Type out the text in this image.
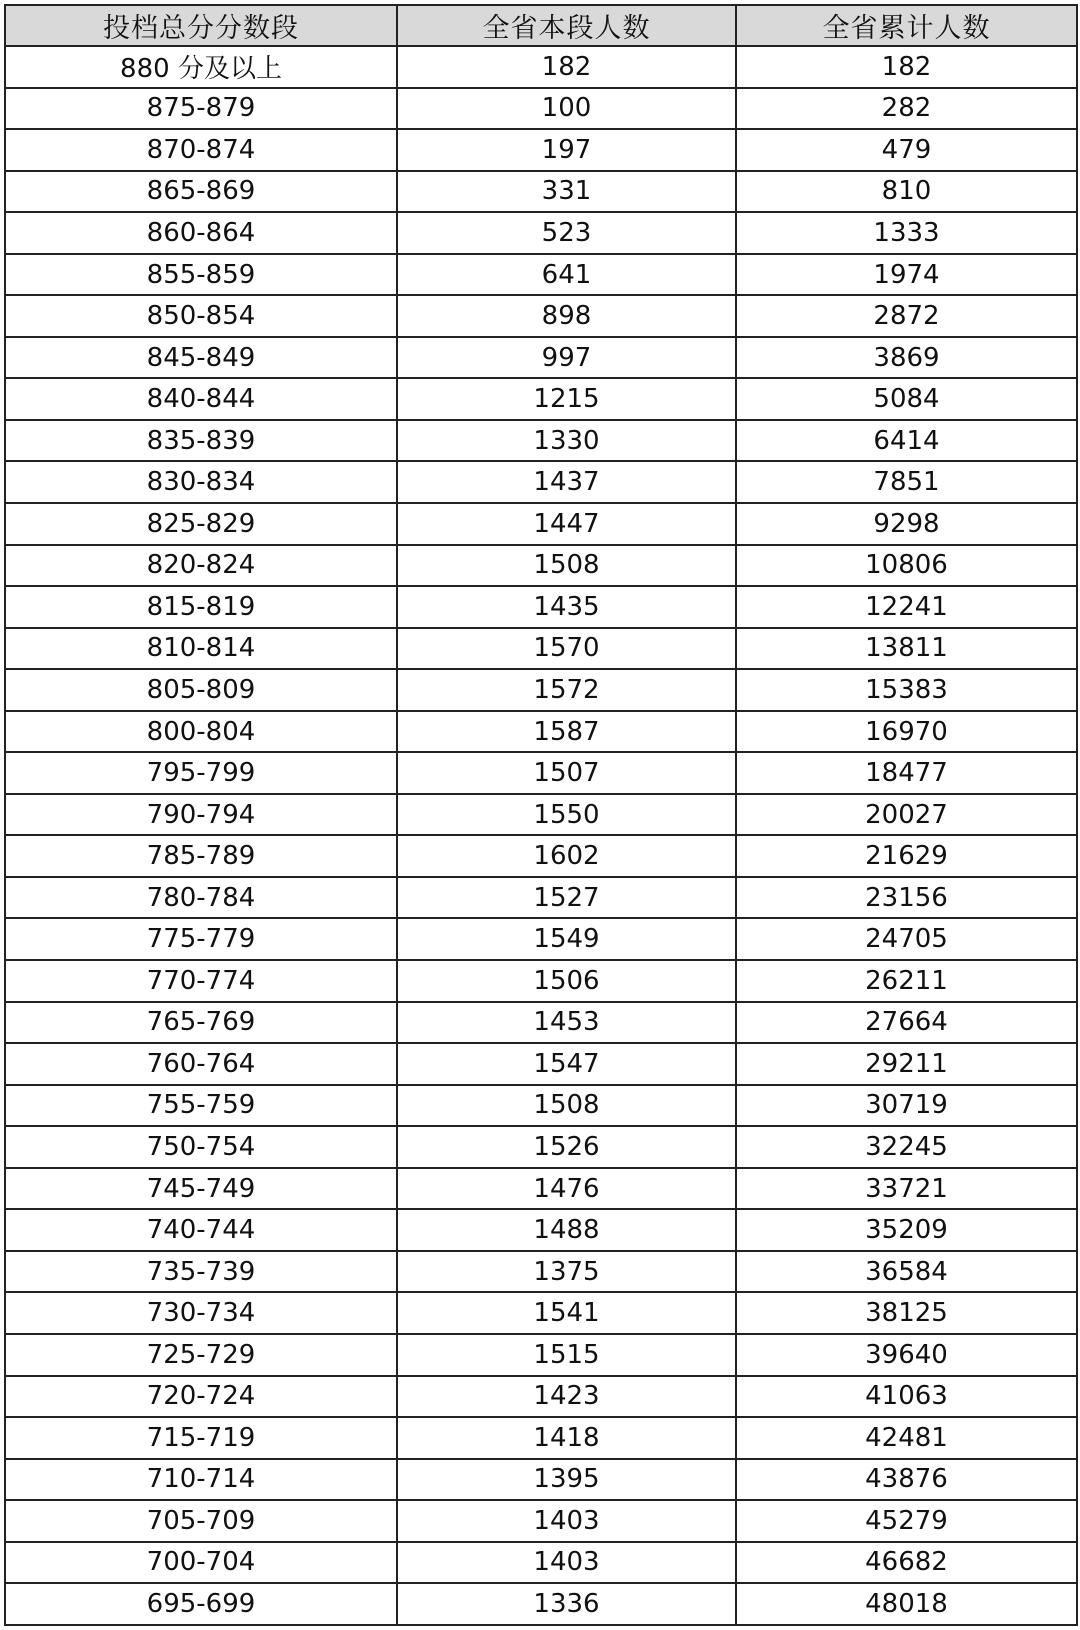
投档总分分数段	全省本段人数	全省累计人数
880 分及以上	182	182
875-879	100	282
870-874	197	479
865-869	331	810
860-864	523	1333
855-859	641	1974
850-854	898	2872
845-849	997	3869
840-844	1215	5084
835-839	1330	6414
830-834	1437	7851
825-829	1447	9298
820-824	1508	10806
815-819	1435	12241
810-814	1570	13811
805-809	1572	15383
800-804	1587	16970
795-799	1507	18477
790-794	1550	20027
785-789	1602	21629
780-784	1527	23156
775-779	1549	24705
770-774	1506	26211
765-769	1453	27664
760-764	1547	29211
755-759	1508	30719
750-754	1526	32245
745-749	1476	33721
740-744	1488	35209
735-739	1375	36584
730-734	1541	38125
725-729	1515	39640
720-724	1423	41063
715-719	1418	42481
710-714	1395	43876
705-709	1403	45279
700-704	1403	46682
695-699	1336	48018
